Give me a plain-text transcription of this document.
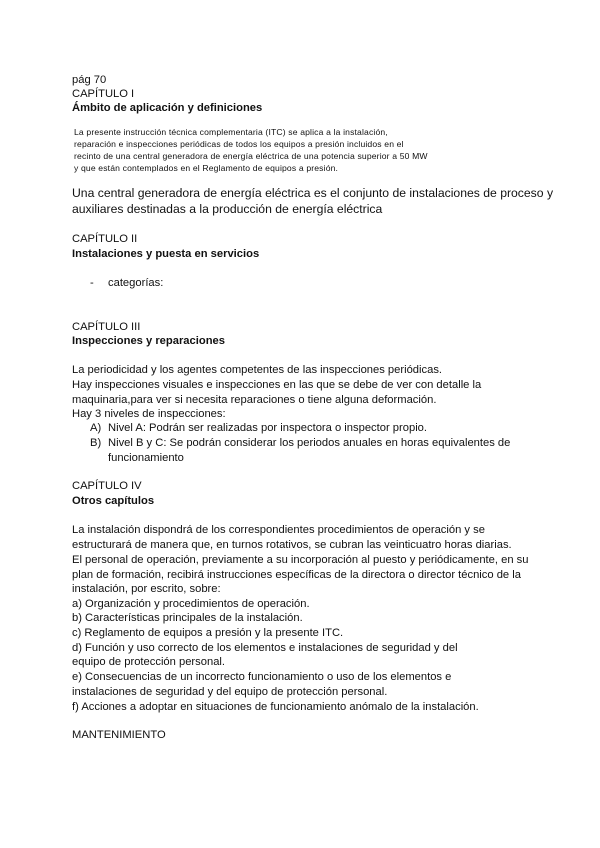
pág 70
CAPÍTULO I
Ámbito de aplicación y definiciones
La presente instrucción técnica complementaria (ITC) se aplica a la instalación,
reparación e inspecciones periódicas de todos los equipos a presión incluidos en el
recinto de una central generadora de energía eléctrica de una potencia superior a 50 MW
y que están contemplados en el Reglamento de equipos a presión.
Una central generadora de energía eléctrica es el conjunto de instalaciones de proceso y
auxiliares destinadas a la producción de energía eléctrica
CAPÍTULO II
Instalaciones y puesta en servicios
- categorías:
CAPÍTULO III
Inspecciones y reparaciones
La periodicidad y los agentes competentes de las inspecciones periódicas.
Hay inspecciones visuales e inspecciones en las que se debe de ver con detalle la
maquinaria,para ver si necesita reparaciones o tiene alguna deformación.
Hay 3 niveles de inspecciones:
A) Nivel A: Podrán ser realizadas por inspectora o inspector propio.
B) Nivel B y C: Se podrán considerar los periodos anuales en horas equivalentes de
funcionamiento
CAPÍTULO IV
Otros capítulos
La instalación dispondrá de los correspondientes procedimientos de operación y se
estructurará de manera que, en turnos rotativos, se cubran las veinticuatro horas diarias.
El personal de operación, previamente a su incorporación al puesto y periódicamente, en su
plan de formación, recibirá instrucciones específicas de la directora o director técnico de la
instalación, por escrito, sobre:
a) Organización y procedimientos de operación.
b) Características principales de la instalación.
c) Reglamento de equipos a presión y la presente ITC.
d) Función y uso correcto de los elementos e instalaciones de seguridad y del
equipo de protección personal.
e) Consecuencias de un incorrecto funcionamiento o uso de los elementos e
instalaciones de seguridad y del equipo de protección personal.
f) Acciones a adoptar en situaciones de funcionamiento anómalo de la instalación.
MANTENIMIENTO
